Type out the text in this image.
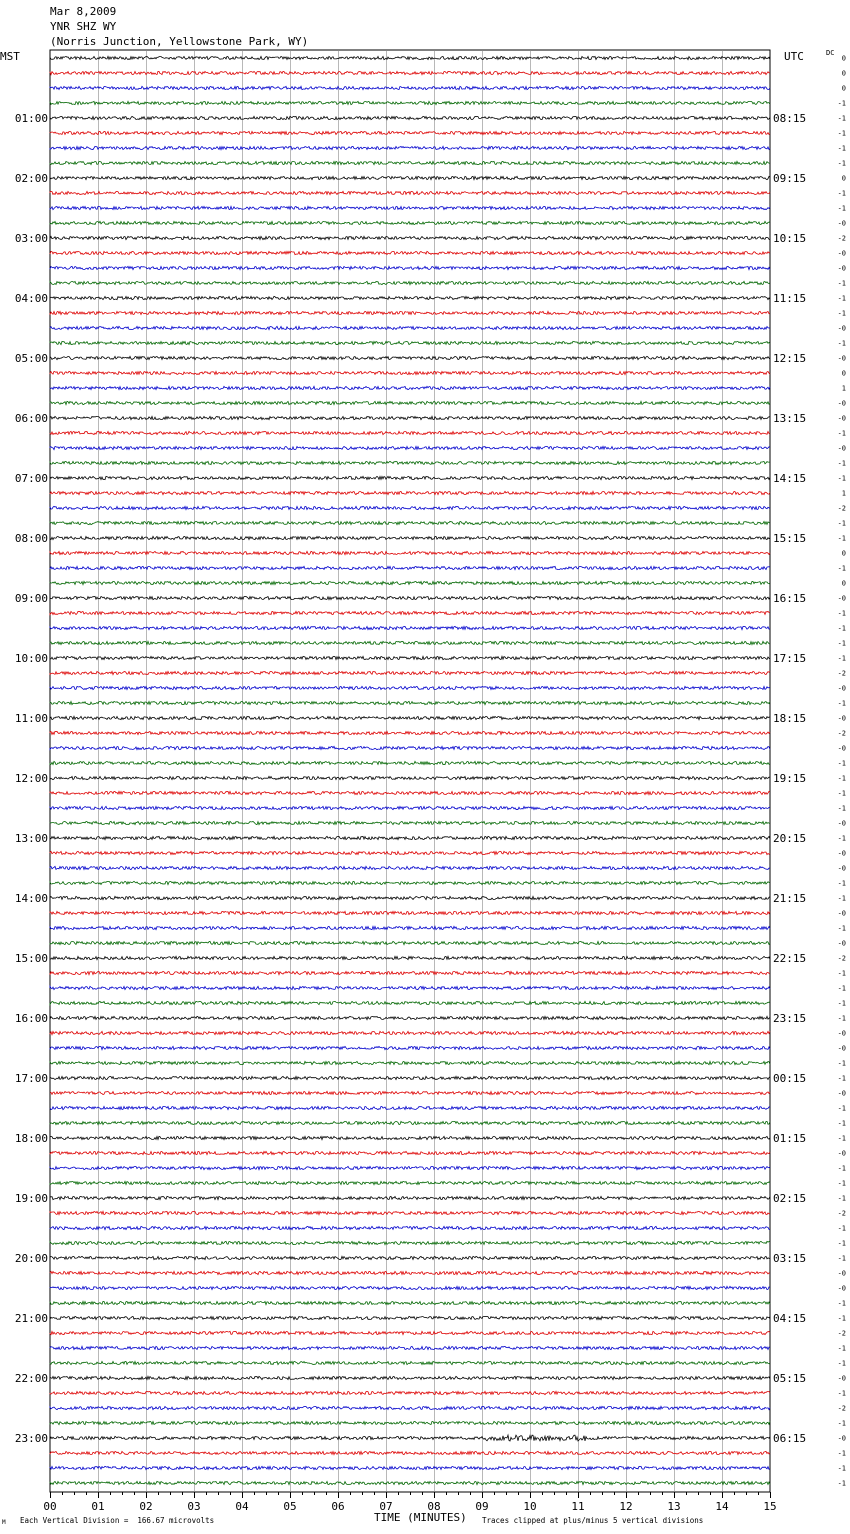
Mar 8,2009
YNR SHZ WY
(Norris Junction, Yellowstone Park, WY)
MST	UTC	DC
0
0
0
-1
-1
-1
-1
-1
0
-1
-1
-0
-2
-0
-0
-1
-1
-1
-0
-1
-0
0
1
-0
-0
-1
-0
-1
-1
1
-2
-1
-1
0
-1
0
-0
-1
-1
-1
-1
-2
-0
-1
-0
-2
-0
-1
-1
-1
-1
-0
-1
-0
-0
-1
-1
-0
-1
-0
-2
-1
-1
-1
-1
-0
-0
-1
-1
-0
-1
-1
-1
-0
-1
-1
-1
-2
-1
-1
-1
-0
-0
-1
-1
-2
-1
-1
-0
-1
-2
-1
-0
-1
-1
-1
01:00
02:00
03:00
04:00
05:00
06:00
07:00
08:00
09:00
10:00
11:00
12:00
13:00
14:00
15:00
16:00
17:00
18:00
19:00
20:00
21:00
22:00
23:00
08:15
09:15
10:15
11:15
12:15
13:15
14:15
15:15
16:15
17:15
18:15
19:15
20:15
21:15
22:15
23:15
00:15
01:15
02:15
03:15
04:15
05:15
06:15
00	01	02	03	04	05	06	07	08	09	10	11	12	13	14	15
M Each Vertical Division =  166.67 microvolts	TIME (MINUTES) Traces clipped at plus/minus 5 vertical divisions
